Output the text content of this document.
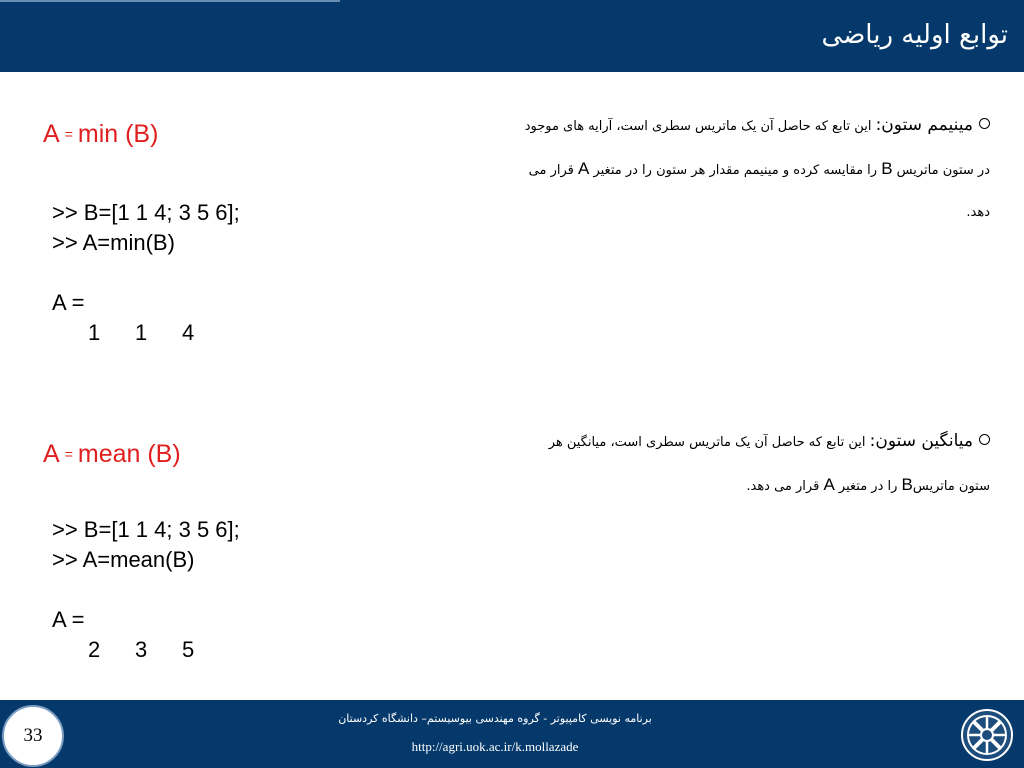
توابع اولیه ریاضی
A = min (B)	مینیمم ستون: این تابع که حاصل آن یک ماتریس سطری است، آرایه های موجود در ستون ماتریس B را مقایسه کرده و مینیمم مقدار هر ستون را در متغیر A قرار می دهد.
>> B=[1 1 4; 3 5 6];
>> A=min(B)
A =
1	1	4
A = mean (B)	میانگین ستون: این تابع که حاصل آن یک ماتریس سطری است، میانگین هر ستون ماتریسB را در متغیر A قرار می دهد.
>> B=[1 1 4; 3 5 6];
>> A=mean(B)
A =
2	3	5
33
برنامه نویسی کامپیوتر - گروه مهندسی بیوسیستم– دانشگاه کردستان
http://agri.uok.ac.ir/k.mollazade
